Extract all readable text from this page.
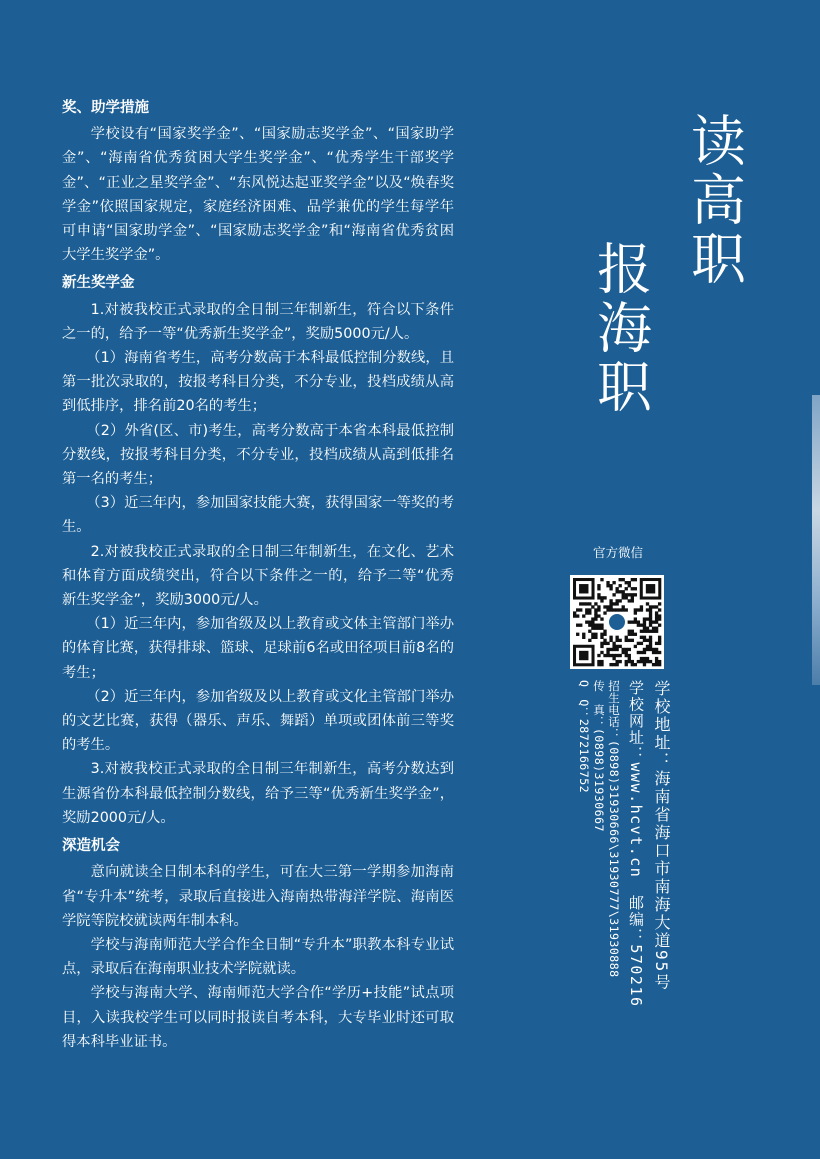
奖、助学措施

学校设有“国家奖学金”、“国家励志奖学金”、“国家助学金”、“海南省优秀贫困大学生奖学金”、“优秀学生干部奖学金”、“正业之星奖学金”、“东风悦达起亚奖学金”以及“焕春奖学金”依照国家规定，家庭经济困难、品学兼优的学生每学年可申请“国家助学金”、“国家励志奖学金”和“海南省优秀贫困大学生奖学金”。

新生奖学金

1.对被我校正式录取的全日制三年制新生，符合以下条件之一的，给予一等“优秀新生奖学金”，奖励5000元/人。

（1）海南省考生，高考分数高于本科最低控制分数线，且第一批次录取的，按报考科目分类，不分专业，投档成绩从高到低排序，排名前20名的考生；

（2）外省(区、市)考生，高考分数高于本省本科最低控制分数线，按报考科目分类，不分专业，投档成绩从高到低排名第一名的考生；

（3）近三年内，参加国家技能大赛，获得国家一等奖的考生。

2.对被我校正式录取的全日制三年制新生，在文化、艺术和体育方面成绩突出，符合以下条件之一的，给予二等“优秀新生奖学金”，奖励3000元/人。

（1）近三年内，参加省级及以上教育或文体主管部门举办的体育比赛，获得排球、篮球、足球前6名或田径项目前8名的考生；

（2）近三年内，参加省级及以上教育或文化主管部门举办的文艺比赛，获得（器乐、声乐、舞蹈）单项或团体前三等奖的考生。

3.对被我校正式录取的全日制三年制新生，高考分数达到生源省份本科最低控制分数线，给予三等“优秀新生奖学金”，奖励2000元/人。

深造机会

意向就读全日制本科的学生，可在大三第一学期参加海南省“专升本”统考，录取后直接进入海南热带海洋学院、海南医学院等院校就读两年制本科。

学校与海南师范大学合作全日制“专升本”职教本科专业试点，录取后在海南职业技术学院就读。

学校与海南大学、海南师范大学合作“学历+技能”试点项目，入读我校学生可以同时报读自考本科，大专毕业时还可取得本科毕业证书。

读高职
报海职
官方微信
学校地址：海南省海口市南海大道95号
学校网址：www.hcvt.cn　邮编：570216
招生电话：(0898)31930666\31930777\31930888
传　真：(0898)31930667
Q　Q：2872166752
